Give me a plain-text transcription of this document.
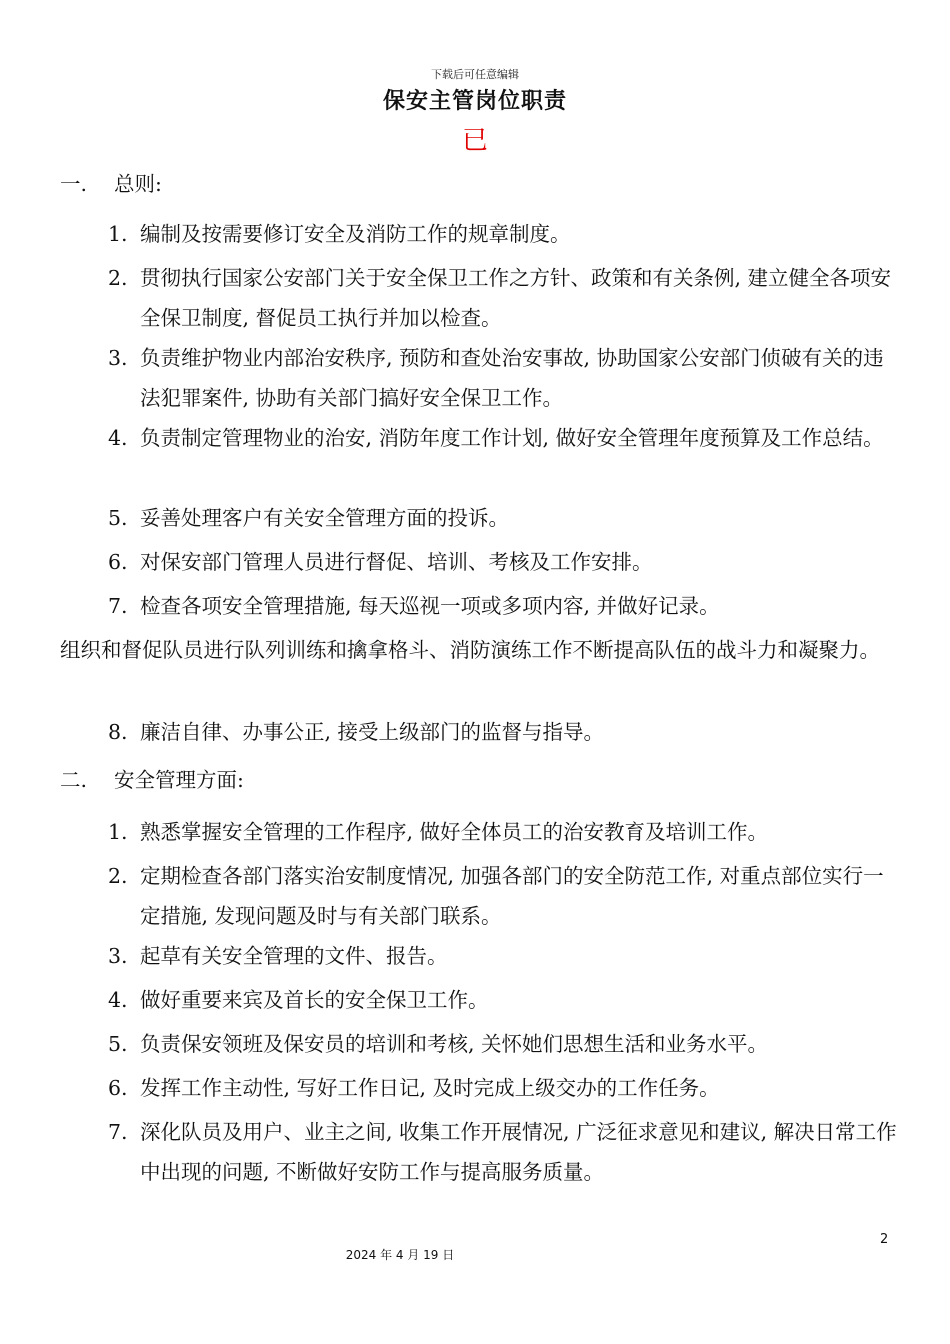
下载后可任意编辑
保安主管岗位职责
已
一. 总则:
1. 编制及按需要修订安全及消防工作的规章制度。
2. 贯彻执行国家公安部门关于安全保卫工作之方针、政策和有关条例, 建立健全各项安全保卫制度, 督促员工执行并加以检查。
3. 负责维护物业内部治安秩序, 预防和查处治安事故, 协助国家公安部门侦破有关的违法犯罪案件, 协助有关部门搞好安全保卫工作。
4. 负责制定管理物业的治安, 消防年度工作计划, 做好安全管理年度预算及工作总结。
5. 妥善处理客户有关安全管理方面的投诉。
6. 对保安部门管理人员进行督促、培训、考核及工作安排。
7. 检查各项安全管理措施, 每天巡视一项或多项内容, 并做好记录。
组织和督促队员进行队列训练和擒拿格斗、消防演练工作不断提高队伍的战斗力和凝聚力。
8. 廉洁自律、办事公正, 接受上级部门的监督与指导。
二. 安全管理方面:
1. 熟悉掌握安全管理的工作程序, 做好全体员工的治安教育及培训工作。
2. 定期检查各部门落实治安制度情况, 加强各部门的安全防范工作, 对重点部位实行一定措施, 发现问题及时与有关部门联系。
3. 起草有关安全管理的文件、报告。
4. 做好重要来宾及首长的安全保卫工作。
5. 负责保安领班及保安员的培训和考核, 关怀她们思想生活和业务水平。
6. 发挥工作主动性, 写好工作日记, 及时完成上级交办的工作任务。
7. 深化队员及用户、业主之间, 收集工作开展情况, 广泛征求意见和建议, 解决日常工作中出现的问题, 不断做好安防工作与提高服务质量。
2
2024 年 4 月 19 日
